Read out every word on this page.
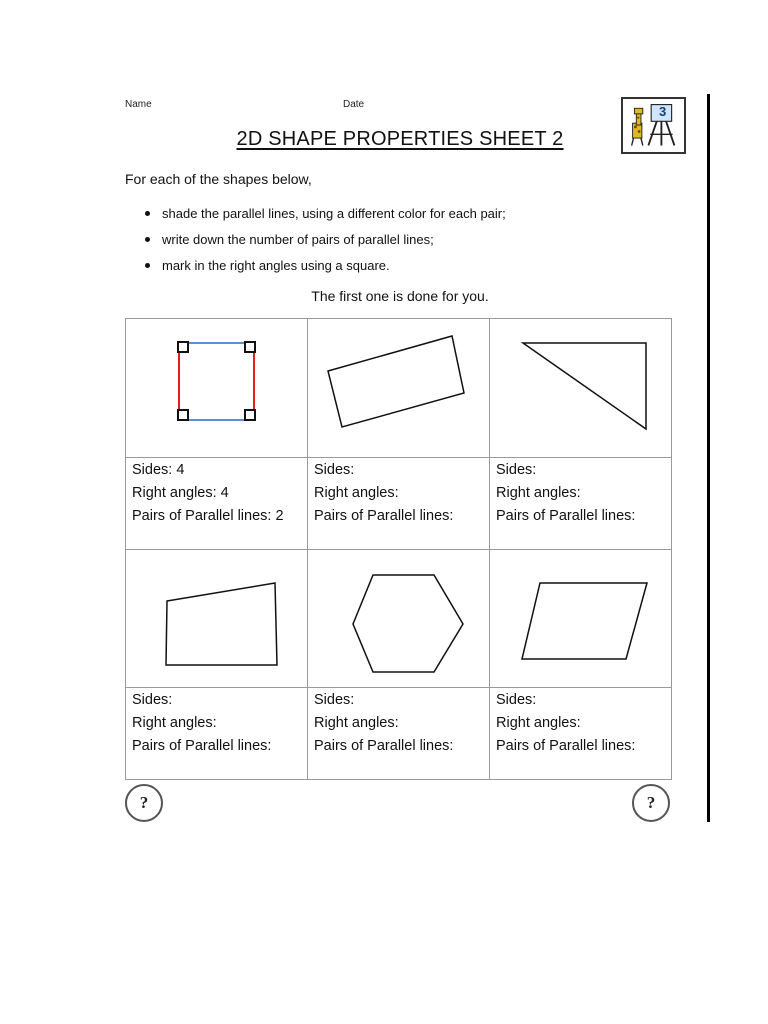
Name	Date	3
2D SHAPE PROPERTIES SHEET 2
For each of the shapes below,
shade the parallel lines, using a different color for each pair;
write down the number of pairs of parallel lines;
mark in the right angles using a square.
The first one is done for you.
Sides: 4
Right angles: 4
Pairs of Parallel lines: 2
Sides:
Right angles:
Pairs of Parallel lines:
Sides:
Right angles:
Pairs of Parallel lines:
Sides:
Right angles:
Pairs of Parallel lines:
Sides:
Right angles:
Pairs of Parallel lines:
Sides:
Right angles:
Pairs of Parallel lines:
?	?
